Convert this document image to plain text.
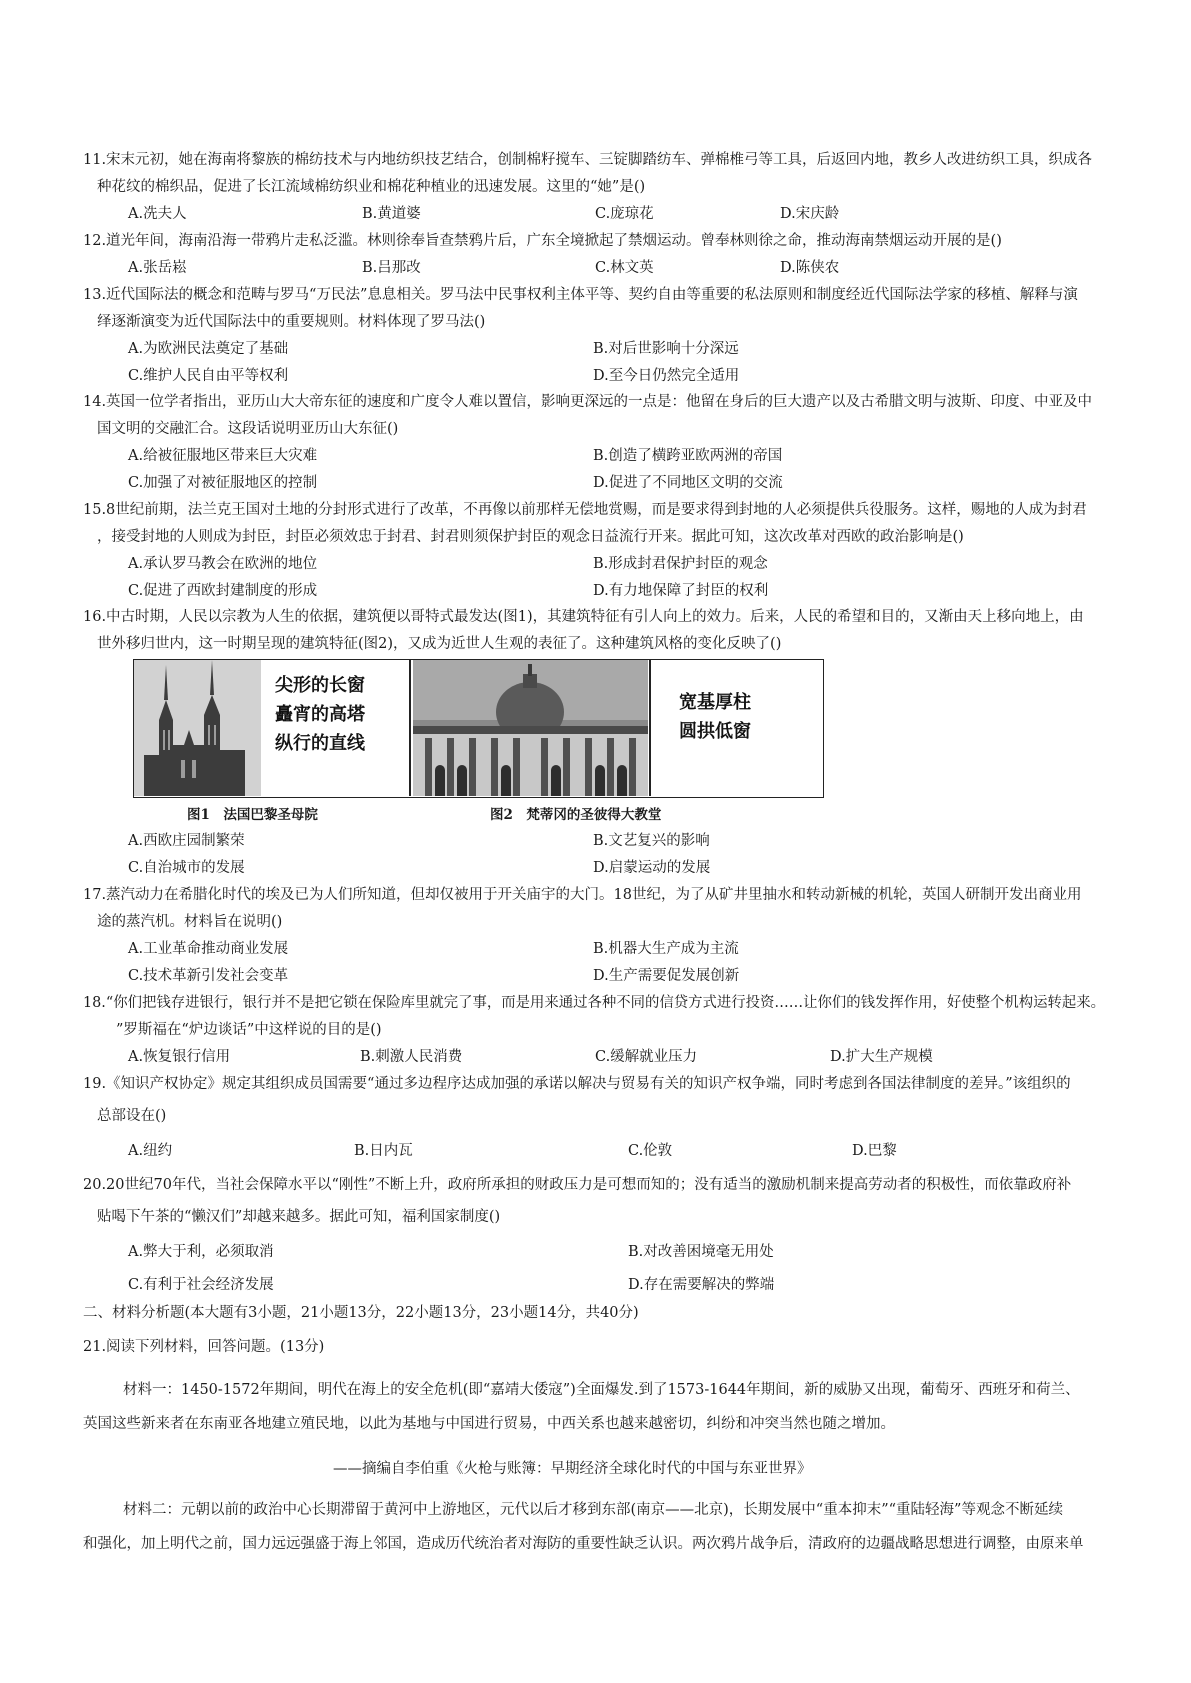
11.宋末元初，她在海南将黎族的棉纺技术与内地纺织技艺结合，创制棉籽搅车、三锭脚踏纺车、弹棉椎弓等工具，后返回内地，教乡人改进纺织工具，织成各
种花纹的棉织品，促进了长江流域棉纺织业和棉花种植业的迅速发展。这里的“她”是()
12.道光年间，海南沿海一带鸦片走私泛滥。林则徐奉旨查禁鸦片后，广东全境掀起了禁烟运动。曾奉林则徐之命，推动海南禁烟运动开展的是()
13.近代国际法的概念和范畴与罗马“万民法”息息相关。罗马法中民事权利主体平等、契约自由等重要的私法原则和制度经近代国际法学家的移植、解释与演
绎逐渐演变为近代国际法中的重要规则。材料体现了罗马法()
14.英国一位学者指出，亚历山大大帝东征的速度和广度令人难以置信，影响更深远的一点是：他留在身后的巨大遗产以及古希腊文明与波斯、印度、中亚及中
国文明的交融汇合。这段话说明亚历山大东征()
15.8世纪前期，法兰克王国对土地的分封形式进行了改革，不再像以前那样无偿地赏赐，而是要求得到封地的人必须提供兵役服务。这样，赐地的人成为封君
，接受封地的人则成为封臣，封臣必须效忠于封君、封君则须保护封臣的观念日益流行开来。据此可知，这次改革对西欧的政治影响是()
16.中古时期，人民以宗教为人生的依据，建筑便以哥特式最发达(图1)，其建筑特征有引人向上的效力。后来，人民的希望和目的，又渐由天上移向地上，由
世外移归世内，这一时期呈现的建筑特征(图2)，又成为近世人生观的表征了。这种建筑风格的变化反映了()
17.蒸汽动力在希腊化时代的埃及已为人们所知道，但却仅被用于开关庙宇的大门。18世纪，为了从矿井里抽水和转动新械的机轮，英国人研制开发出商业用
途的蒸汽机。材料旨在说明()
18.“你们把钱存进银行，银行并不是把它锁在保险库里就完了事，而是用来通过各种不同的信贷方式进行投资……让你们的钱发挥作用，好使整个机构运转起来。
”罗斯福在“炉边谈话”中这样说的目的是()
19.《知识产权协定》规定其组织成员国需要“通过多边程序达成加强的承诺以解决与贸易有关的知识产权争端，同时考虑到各国法律制度的差异。”该组织的
总部设在()
20.20世纪70年代，当社会保障水平以“刚性”不断上升，政府所承担的财政压力是可想而知的；没有适当的激励机制来提高劳动者的积极性，而依靠政府补
贴喝下午茶的“懒汉们”却越来越多。据此可知，福利国家制度()
二、材料分析题(本大题有3小题，21小题13分，22小题13分，23小题14分，共40分)
21.阅读下列材料，回答问题。(13分)
材料一：1450-1572年期间，明代在海上的安全危机(即“嘉靖大倭寇”)全面爆发.到了1573-1644年期间，新的威胁又出现，葡萄牙、西班牙和荷兰、
英国这些新来者在东南亚各地建立殖民地，以此为基地与中国进行贸易，中西关系也越来越密切，纠纷和冲突当然也随之增加。
材料二：元朝以前的政治中心长期滞留于黄河中上游地区，元代以后才移到东部(南京——北京)，长期发展中“重本抑末”“重陆轻海”等观念不断延续
和强化，加上明代之前，国力远远强盛于海上邻国，造成历代统治者对海防的重要性缺乏认识。两次鸦片战争后，清政府的边疆战略思想进行调整，由原来单
A.冼夫人	B.黄道婆	C.庞琼花	D.宋庆龄
A.张岳崧	B.吕那改	C.林文英	D.陈侠农
A.为欧洲民法奠定了基础	B.对后世影响十分深远
C.维护人民自由平等权利	D.至今日仍然完全适用
A.给被征服地区带来巨大灾难	B.创造了横跨亚欧两洲的帝国
C.加强了对被征服地区的控制	D.促进了不同地区文明的交流
A.承认罗马教会在欧洲的地位	B.形成封君保护封臣的观念
C.促进了西欧封建制度的形成	D.有力地保障了封臣的权利
A.西欧庄园制繁荣	B.文艺复兴的影响
C.自治城市的发展	D.启蒙运动的发展
A.工业革命推动商业发展	B.机器大生产成为主流
C.技术革新引发社会变革	D.生产需要促发展创新
A.恢复银行信用	B.刺激人民消费	C.缓解就业压力	D.扩大生产规模
A.纽约	B.日内瓦	C.伦敦	D.巴黎
A.弊大于利，必须取消	B.对改善困境毫无用处
C.有利于社会经济发展	D.存在需要解决的弊端
尖形的长窗
矗宵的高塔
纵行的直线
宽基厚柱
圆拱低窗
图1　法国巴黎圣母院	图2　梵蒂冈的圣彼得大教堂
——摘编自李伯重《火枪与账簿：早期经济全球化时代的中国与东亚世界》
